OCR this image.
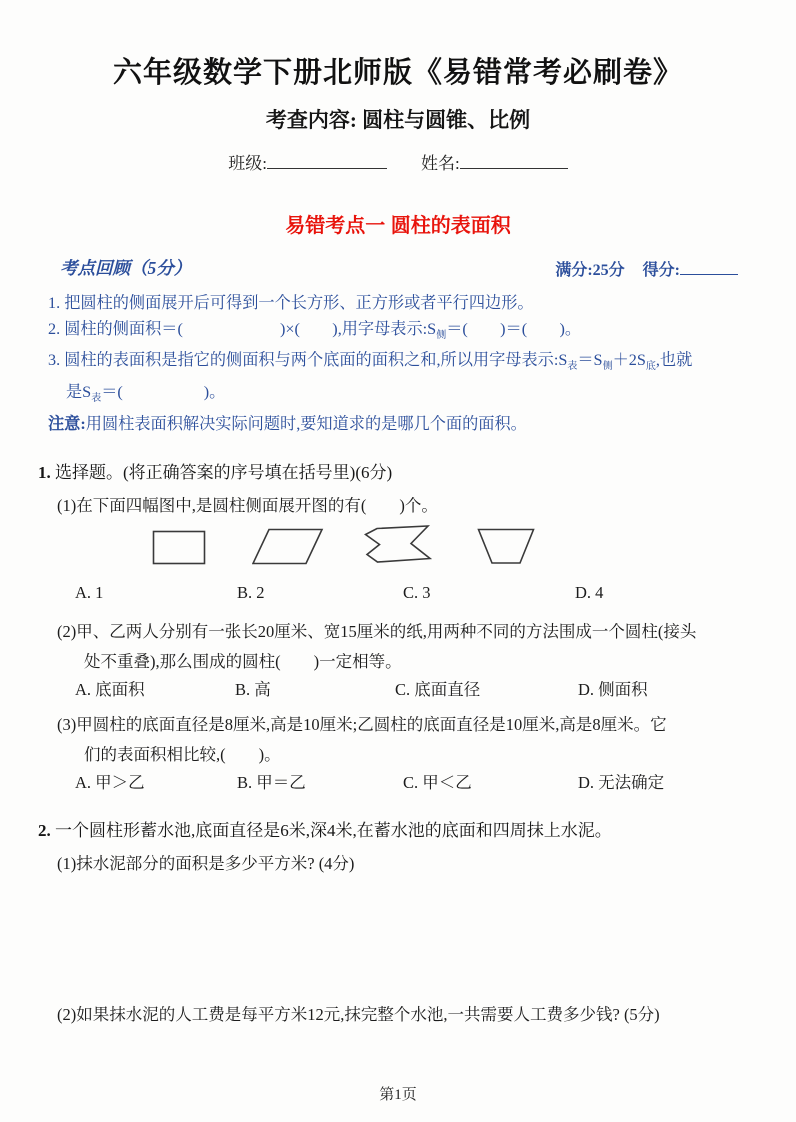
六年级数学下册北师版《易错常考必刷卷》
考查内容: 圆柱与圆锥、比例
班级:	姓名:
易错考点一 圆柱的表面积
考点回顾（5分）	满分:25分 得分:
1. 把圆柱的侧面展开后可得到一个长方形、正方形或者平行四边形。
2. 圆柱的侧面积＝(　　　　　　)×(　　),用字母表示$:S_侧=$(　　)＝(　　)。
3. 圆柱的表面积是指它的侧面积与两个底面的面积之和,所以用字母表示$:S_表=S_侧+2S_底$,也就
是$S_表=$(　　　　　)。
注意:用圆柱表面积解决实际问题时,要知道求的是哪几个面的面积。
1. 选择题。(将正确答案的序号填在括号里)(6分)
(1)在下面四幅图中,是圆柱侧面展开图的有(　　)个。
A. 1	B. 2	C. 3	D. 4
(2)甲、乙两人分别有一张长20厘米、宽15厘米的纸,用两种不同的方法围成一个圆柱(接头
处不重叠),那么围成的圆柱(　　)一定相等。
A. 底面积	B. 高	C. 底面直径	D. 侧面积
(3)甲圆柱的底面直径是8厘米,高是10厘米;乙圆柱的底面直径是10厘米,高是8厘米。它
们的表面积相比较,(　　)。
A. 甲＞乙	B. 甲＝乙	C. 甲＜乙	D. 无法确定
2. 一个圆柱形蓄水池,底面直径是6米,深4米,在蓄水池的底面和四周抹上水泥。
(1)抹水泥部分的面积是多少平方米? (4分)
(2)如果抹水泥的人工费是每平方米12元,抹完整个水池,一共需要人工费多少钱? (5分)
第1页
